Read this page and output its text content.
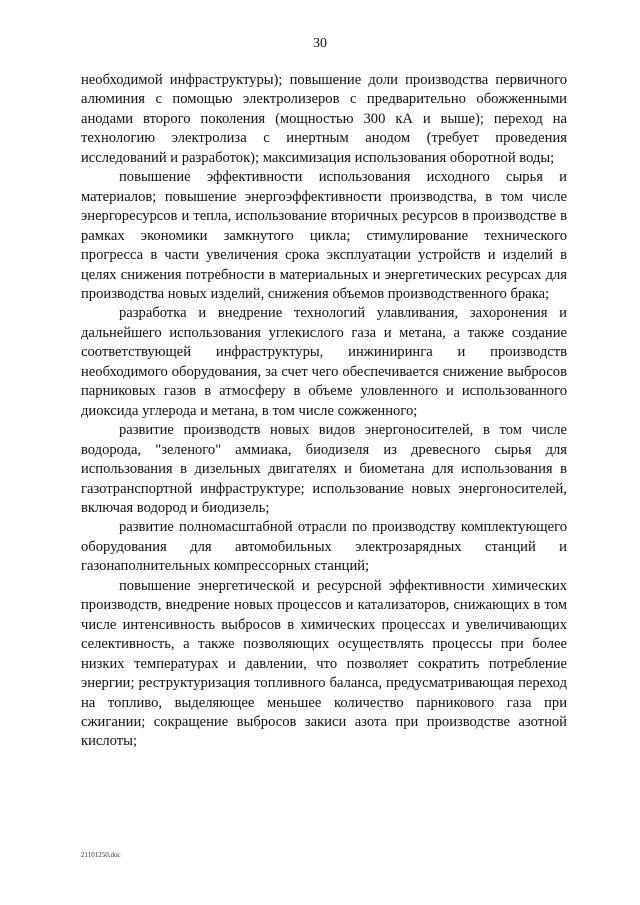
30

необходимой инфраструктуры); повышение доли производства первичного алюминия с помощью электролизеров с предварительно обожженными анодами второго поколения (мощностью 300 кА и выше); переход на технологию электролиза с инертным анодом (требует проведения исследований и разработок); максимизация использования оборотной воды;

повышение эффективности использования исходного сырья и материалов; повышение энергоэффективности производства, в том числе энергоресурсов и тепла, использование вторичных ресурсов в производстве в рамках экономики замкнутого цикла; стимулирование технического прогресса в части увеличения срока эксплуатации устройств и изделий в целях снижения потребности в материальных и энергетических ресурсах для производства новых изделий, снижения объемов производственного брака;

разработка и внедрение технологий улавливания, захоронения и дальнейшего использования углекислого газа и метана, а также создание соответствующей инфраструктуры, инжиниринга и производств необходимого оборудования, за счет чего обеспечивается снижение выбросов парниковых газов в атмосферу в объеме уловленного и использованного диоксида углерода и метана, в том числе сожженного;

развитие производств новых видов энергоносителей, в том числе водорода, "зеленого" аммиака, биодизеля из древесного сырья для использования в дизельных двигателях и биометана для использования в газотранспортной инфраструктуре; использование новых энергоносителей, включая водород и биодизель;

развитие полномасштабной отрасли по производству комплектующего оборудования для автомобильных электрозарядных станций и газонаполнительных компрессорных станций;

повышение энергетической и ресурсной эффективности химических производств, внедрение новых процессов и катализаторов, снижающих в том числе интенсивность выбросов в химических процессах и увеличивающих селективность, а также позволяющих осуществлять процессы при более низких температурах и давлении, что позволяет сократить потребление энергии; реструктуризация топливного баланса, предусматривающая переход на топливо, выделяющее меньшее количество парникового газа при сжигании; сокращение выбросов закиси азота при производстве азотной кислоты;

21101250.doc
